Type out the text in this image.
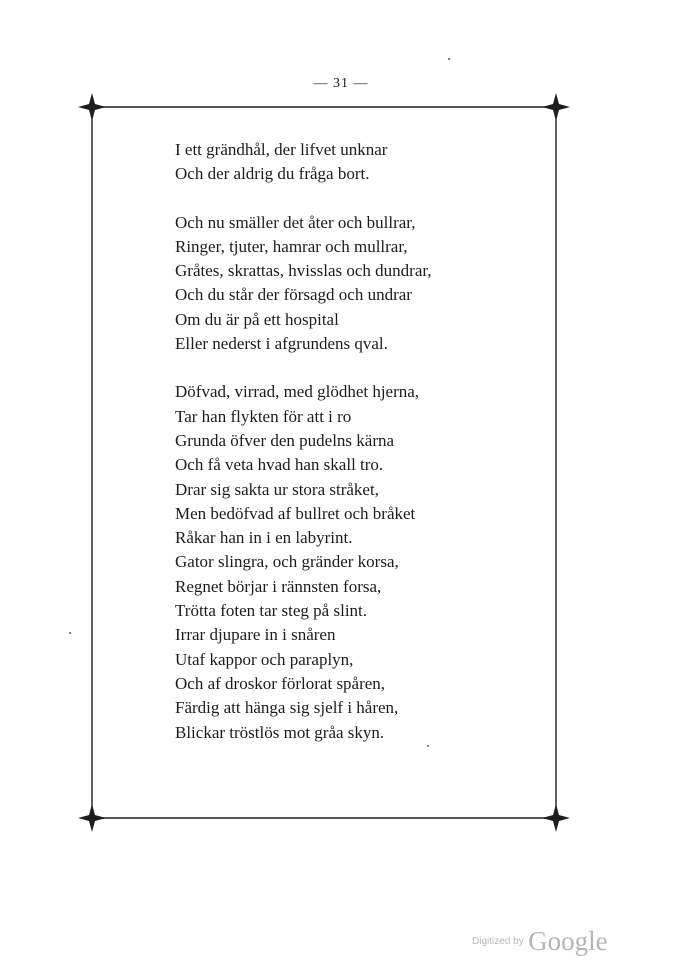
— 31 —
I ett grändhål, der lifvet unknar
Och der aldrig du fråga bort.
Och nu smäller det åter och bullrar,
Ringer, tjuter, hamrar och mullrar,
Gråtes, skrattas, hvisslas och dundrar,
Och du står der försagd och undrar
Om du är på ett hospital
Eller nederst i afgrundens qval.
Döfvad, virrad, med glödhet hjerna,
Tar han flykten för att i ro
Grunda öfver den pudelns kärna
Och få veta hvad han skall tro.
Drar sig sakta ur stora stråket,
Men bedöfvad af bullret och bråket
Råkar han in i en labyrint.
Gator slingra, och gränder korsa,
Regnet börjar i rännsten forsa,
Trötta foten tar steg på slint.
Irrar djupare in i snåren
Utaf kappor och paraplyn,
Och af droskor förlorat spåren,
Färdig att hänga sig sjelf i håren,
Blickar tröstlös mot gråa skyn.
Digitized by Google
